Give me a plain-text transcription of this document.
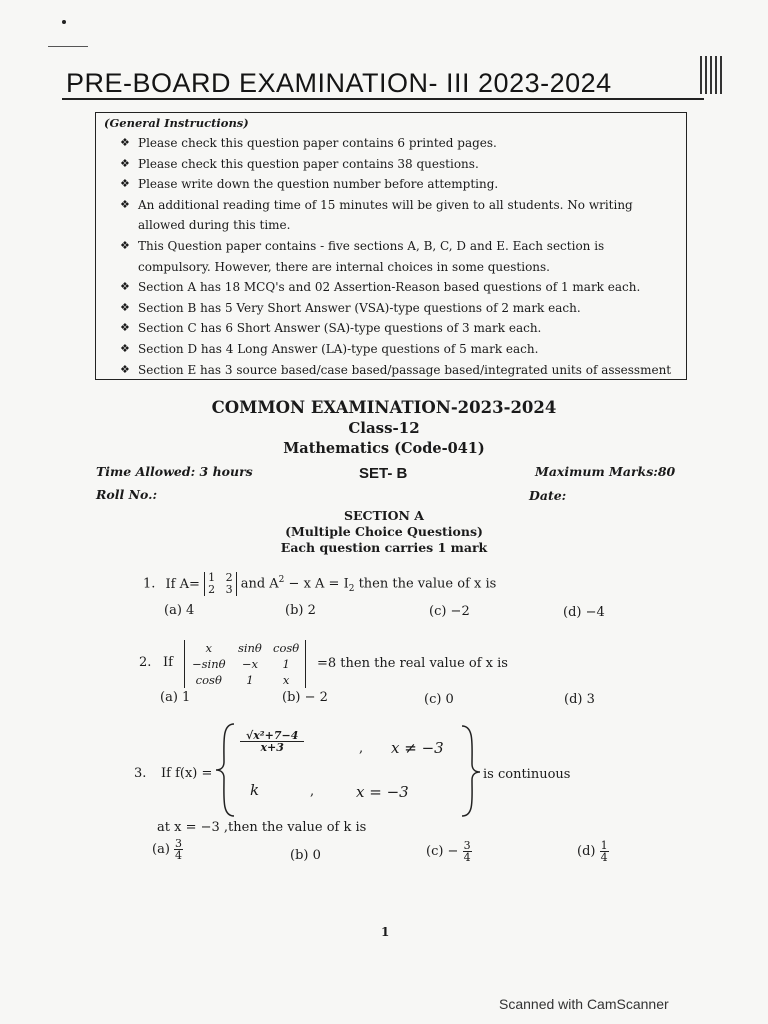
PRE-BOARD EXAMINATION- III 2023-2024
(General Instructions)
❖ Please check this question paper contains 6 printed pages.
❖ Please check this question paper contains 38 questions.
❖ Please write down the question number before attempting.
❖ An additional reading time of 15 minutes will be given to all students. No writing allowed during this time.
❖ This Question paper contains - five sections A, B, C, D and E. Each section is compulsory. However, there are internal choices in some questions.
❖ Section A has 18 MCQ's and 02 Assertion-Reason based questions of 1 mark each.
❖ Section B has 5 Very Short Answer (VSA)-type questions of 2 mark each.
❖ Section C has 6 Short Answer (SA)-type questions of 3 mark each.
❖ Section D has 4 Long Answer (LA)-type questions of 5 mark each.
❖ Section E has 3 source based/case based/passage based/integrated units of assessment
COMMON EXAMINATION-2023-2024
Class-12
Mathematics (Code-041)
Time Allowed: 3 hours	SET- B	Maximum Marks:80
Roll No.:	Date:
SECTION A
(Multiple Choice Questions)
Each question carries 1 mark
1. If A= 1 2
2 3 and $A^2 - x$ $A = I_2$ then the value of x is
(a) 4	(b) 2	(c) −2	(d) −4
2. If
x	sinθ	cosθ
−sinθ	−x	1
cosθ	1	x
=8 then the real value of x is
(a) 1	(b) − 2	(c) 0	(d) 3
3. If f(x) =
$\frac{\text{√x²+7−4}}{x+3}$	, x ≠ −3
k	,	x = −3
is continuous
at x = −3 ,then the value of k is
$(a) \frac{3}{4}$	(b) 0	$(c) - \frac{3}{4}$	$(d) \frac{1}{4}$
1
Scanned with CamScanner
